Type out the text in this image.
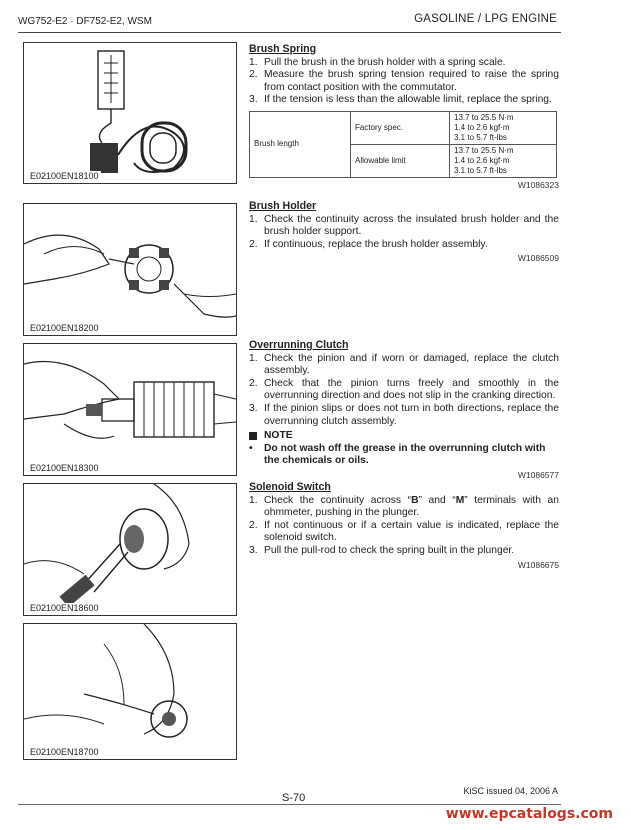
WG752-E2 · DF752-E2, WSM	GASOLINE / LPG ENGINE
E02100EN18100
E02100EN18200
E02100EN18300
E02100EN18600
E02100EN18700
Brush Spring
1. Pull the brush in the brush holder with a spring scale.
2. Measure the brush spring tension required to raise the spring from contact position with the commutator.
3. If the tension is less than the allowable limit, replace the spring.
Brush length	Factory spec.	13.7 to 25.5 N·m
1.4 to 2.6 kgf·m
3.1 to 5.7 ft-lbs

	Allowable limit	13.7 to 25.5 N·m
1.4 to 2.6 kgf·m
3.1 to 5.7 ft-lbs
W1086323
Brush Holder
1. Check the continuity across the insulated brush holder and the brush holder support.
2. If continuous, replace the brush holder assembly.
W1086509
Overrunning Clutch
1. Check the pinion and if worn or damaged, replace the clutch assembly.
2. Check that the pinion turns freely and smoothly in the overrunning direction and does not slip in the cranking direction.
3. If the pinion slips or does not turn in both directions, replace the overrunning clutch assembly.
NOTE
•	Do not wash off the grease in the overrunning clutch with the chemicals or oils.
W1086577
Solenoid Switch
1. Check the continuity across “B” and “M” terminals with an ohmmeter, pushing in the plunger.
2. If not continuous or if a certain value is indicated, replace the solenoid switch.
3. Pull the pull-rod to check the spring built in the plunger.
W1086675
KiSC issued 04, 2006 A
S-70
www.epcatalogs.com
